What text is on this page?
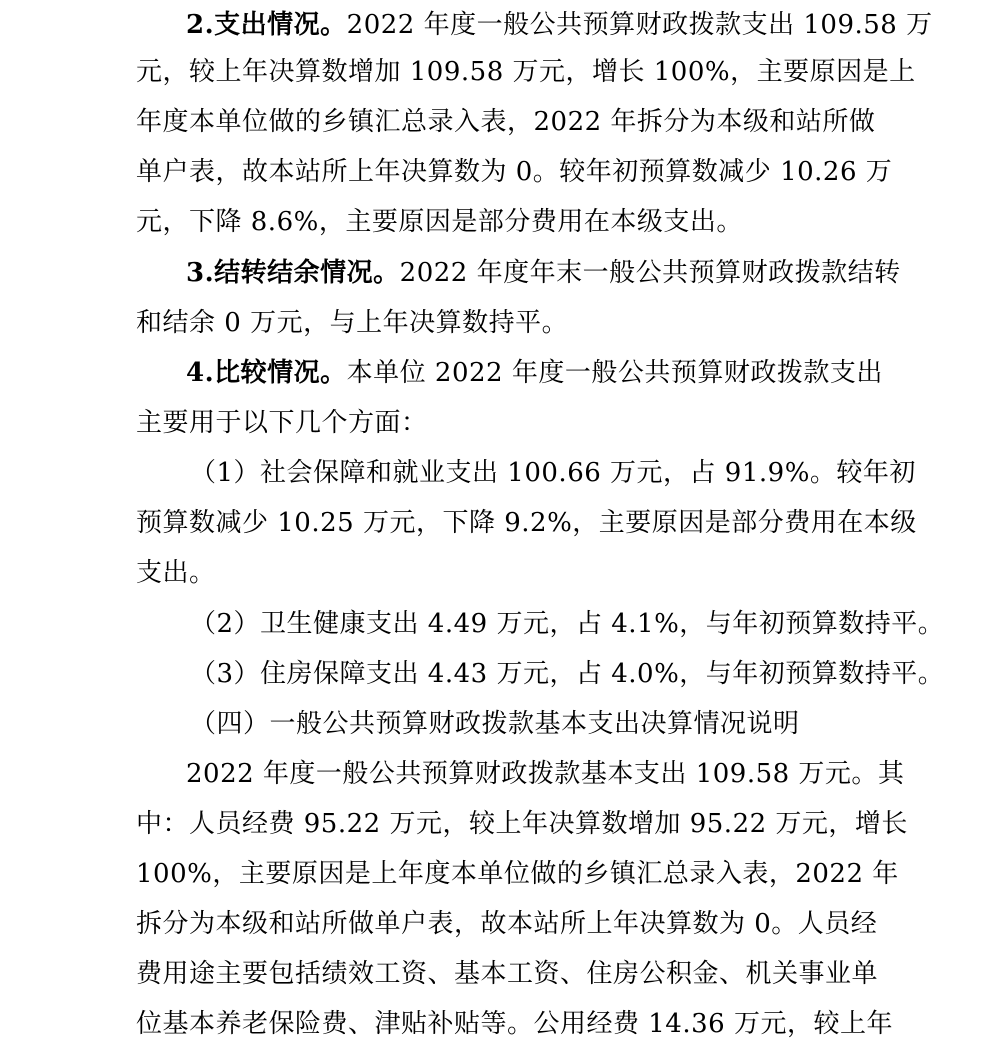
2.支出情况。2022 年度一般公共预算财政拨款支出 109.58 万
元，较上年决算数增加 109.58 万元，增长 100%，主要原因是上
年度本单位做的乡镇汇总录入表，2022 年拆分为本级和站所做
单户表，故本站所上年决算数为 0。较年初预算数减少 10.26 万
元，下降 8.6%，主要原因是部分费用在本级支出。
3.结转结余情况。2022 年度年末一般公共预算财政拨款结转
和结余 0 万元，与上年决算数持平。
4.比较情况。本单位 2022 年度一般公共预算财政拨款支出
主要用于以下几个方面：
（1）社会保障和就业支出 100.66 万元，占 91.9%。较年初
预算数减少 10.25 万元，下降 9.2%，主要原因是部分费用在本级
支出。
（2）卫生健康支出 4.49 万元，占 4.1%，与年初预算数持平。
（3）住房保障支出 4.43 万元，占 4.0%，与年初预算数持平。
（四）一般公共预算财政拨款基本支出决算情况说明
2022 年度一般公共预算财政拨款基本支出 109.58 万元。其
中：人员经费 95.22 万元，较上年决算数增加 95.22 万元，增长
100%，主要原因是上年度本单位做的乡镇汇总录入表，2022 年
拆分为本级和站所做单户表，故本站所上年决算数为 0。人员经
费用途主要包括绩效工资、基本工资、住房公积金、机关事业单
位基本养老保险费、津贴补贴等。公用经费 14.36 万元，较上年
